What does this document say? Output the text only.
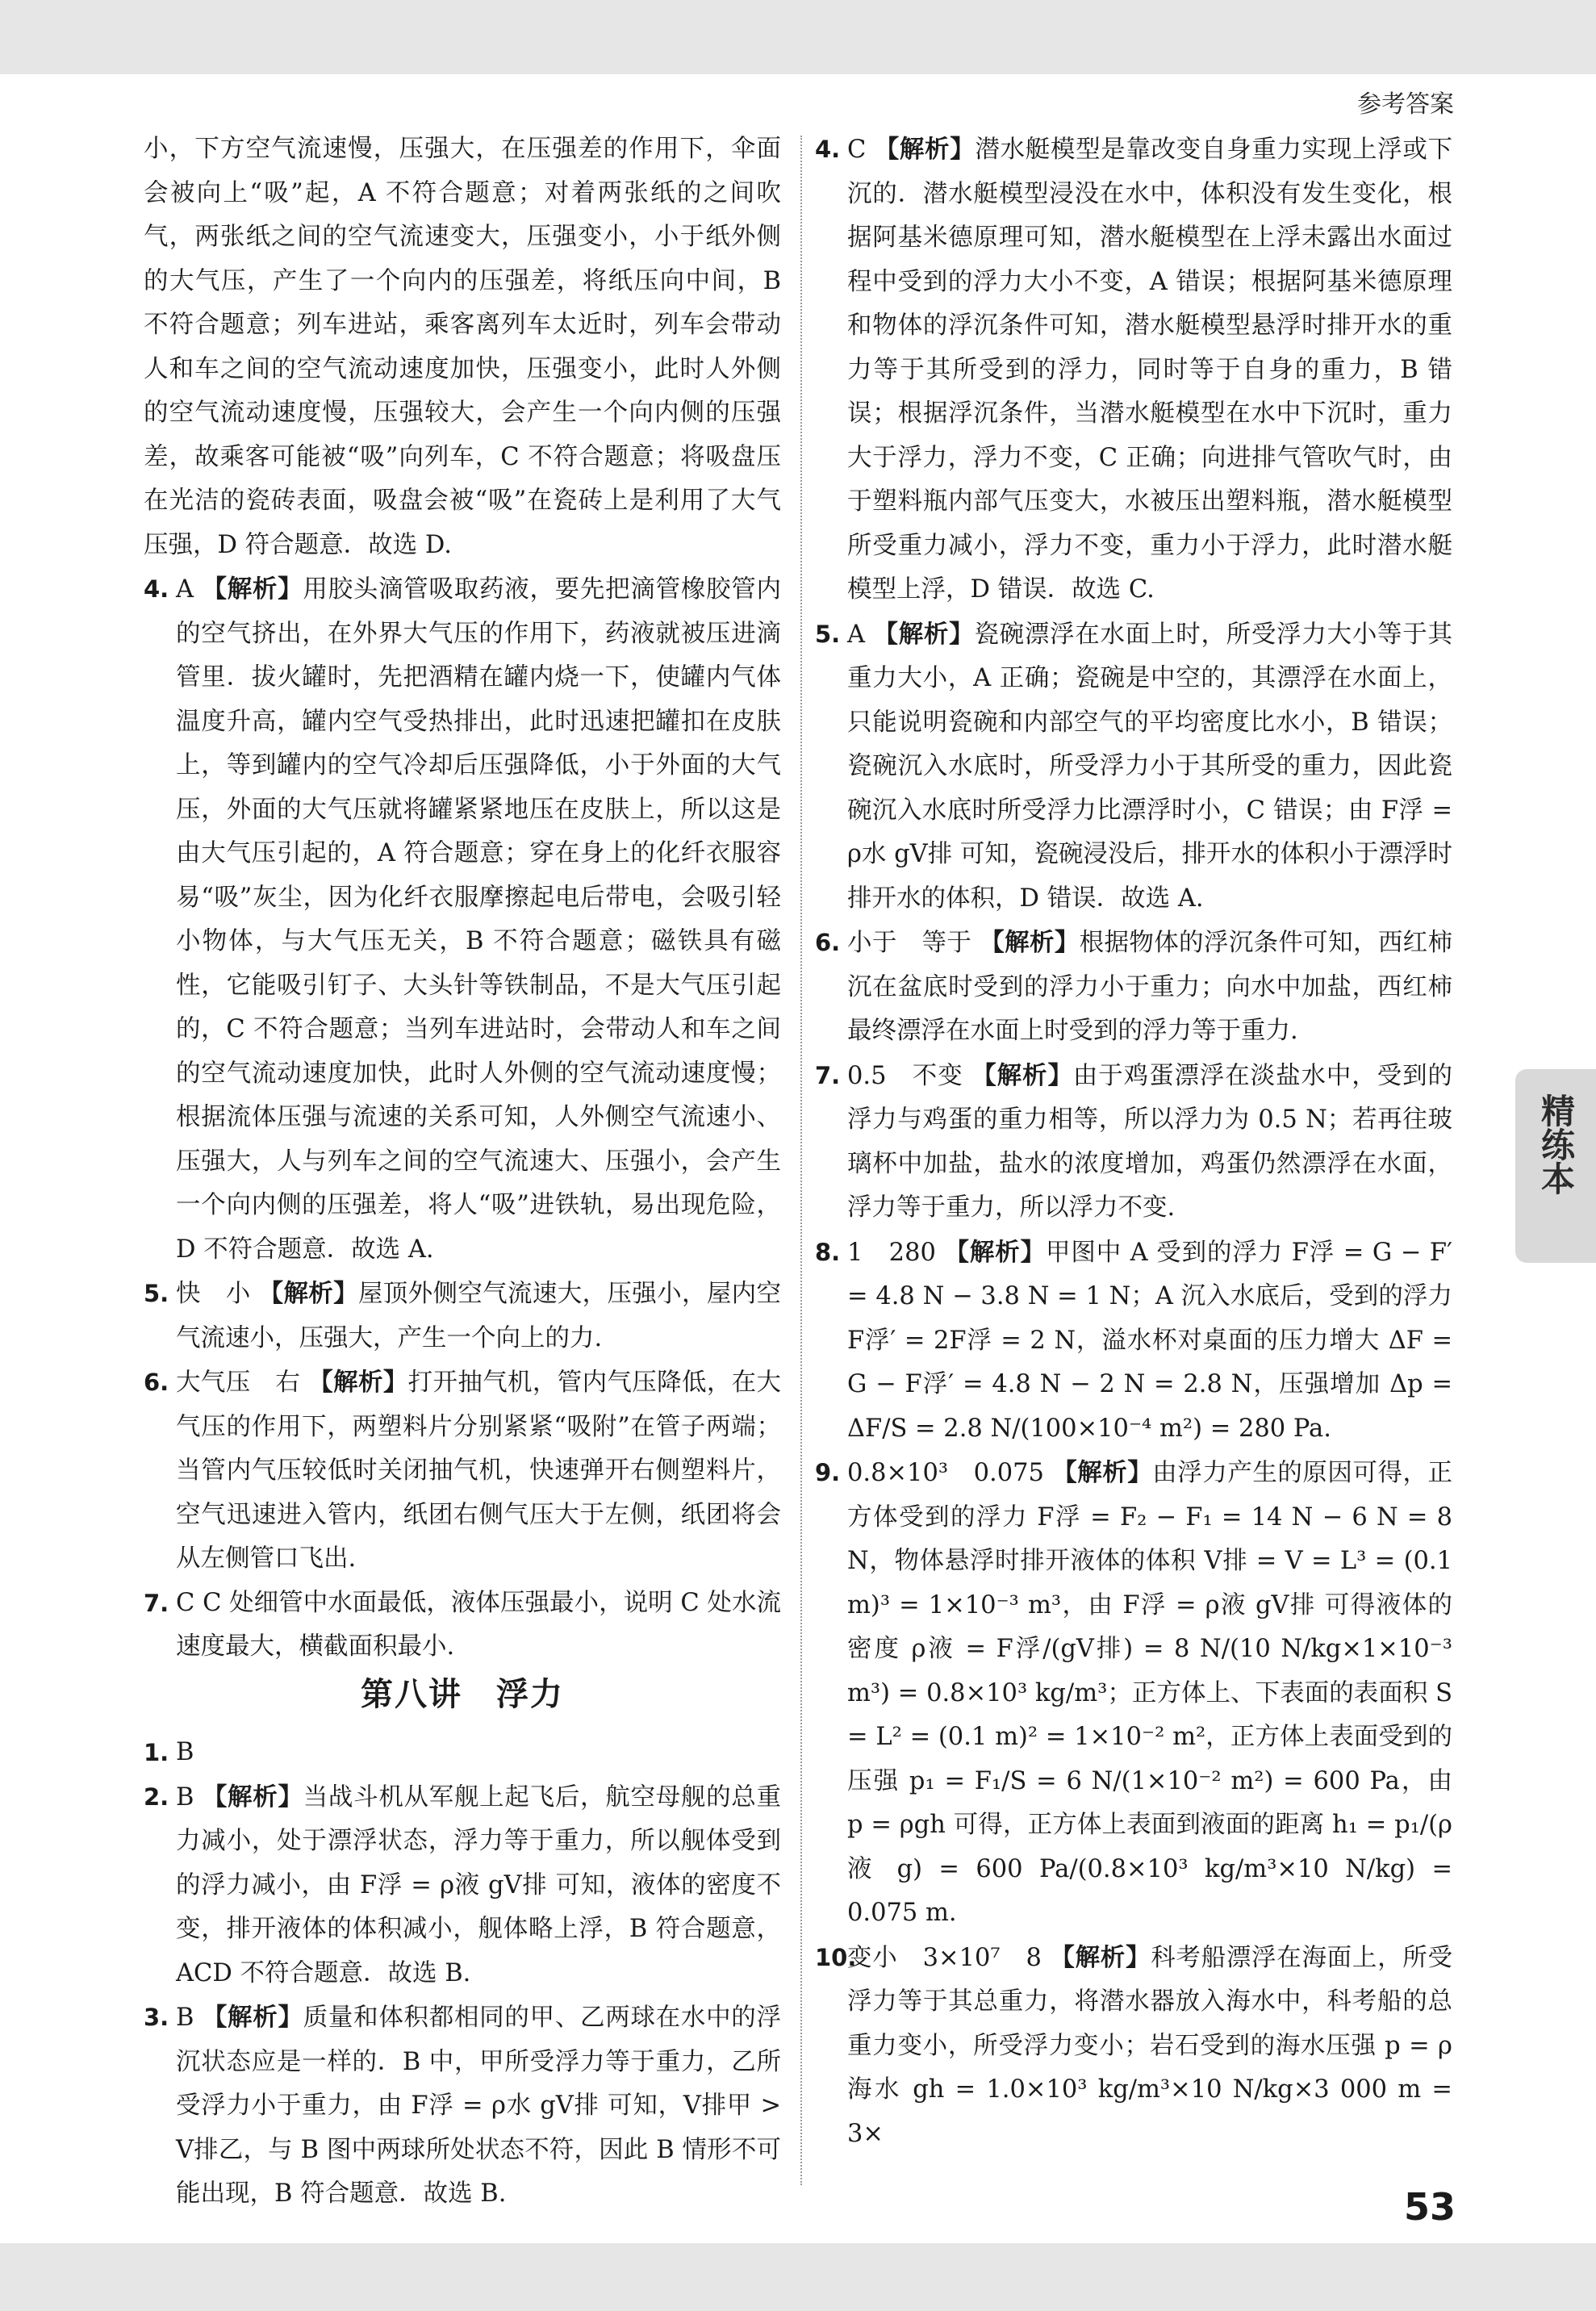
参考答案

小，下方空气流速慢，压强大，在压强差的作用下，伞面会被向上“吸”起，A 不符合题意；对着两张纸的之间吹气，两张纸之间的空气流速变大，压强变小，小于纸外侧的大气压，产生了一个向内的压强差，将纸压向中间，B 不符合题意；列车进站，乘客离列车太近时，列车会带动人和车之间的空气流动速度加快，压强变小，此时人外侧的空气流动速度慢，压强较大，会产生一个向内侧的压强差，故乘客可能被“吸”向列车，C 不符合题意；将吸盘压在光洁的瓷砖表面，吸盘会被“吸”在瓷砖上是利用了大气压强，D 符合题意．故选 D.

4. A 【解析】用胶头滴管吸取药液，要先把滴管橡胶管内的空气挤出，在外界大气压的作用下，药液就被压进滴管里．拔火罐时，先把酒精在罐内烧一下，使罐内气体温度升高，罐内空气受热排出，此时迅速把罐扣在皮肤上，等到罐内的空气冷却后压强降低，小于外面的大气压，外面的大气压就将罐紧紧地压在皮肤上，所以这是由大气压引起的，A 符合题意；穿在身上的化纤衣服容易“吸”灰尘，因为化纤衣服摩擦起电后带电，会吸引轻小物体，与大气压无关，B 不符合题意；磁铁具有磁性，它能吸引钉子、大头针等铁制品，不是大气压引起的，C 不符合题意；当列车进站时，会带动人和车之间的空气流动速度加快，此时人外侧的空气流动速度慢；根据流体压强与流速的关系可知，人外侧空气流速小、压强大，人与列车之间的空气流速大、压强小，会产生一个向内侧的压强差，将人“吸”进铁轨，易出现危险，D 不符合题意．故选 A.
5. 快　小 【解析】屋顶外侧空气流速大，压强小，屋内空气流速小，压强大，产生一个向上的力.
6. 大气压　右 【解析】打开抽气机，管内气压降低，在大气压的作用下，两塑料片分别紧紧“吸附”在管子两端；当管内气压较低时关闭抽气机，快速弹开右侧塑料片，空气迅速进入管内，纸团右侧气压大于左侧，纸团将会从左侧管口飞出.
7. C C 处细管中水面最低，液体压强最小，说明 C 处水流速度最大，横截面积最小.
第八讲　浮力
1. B
2. B 【解析】当战斗机从军舰上起飞后，航空母舰的总重力减小，处于漂浮状态，浮力等于重力，所以舰体受到的浮力减小，由 F浮 = ρ液 gV排 可知，液体的密度不变，排开液体的体积减小，舰体略上浮，B 符合题意，ACD 不符合题意．故选 B.
3. B 【解析】质量和体积都相同的甲、乙两球在水中的浮沉状态应是一样的．B 中，甲所受浮力等于重力，乙所受浮力小于重力，由 F浮 = ρ水 gV排 可知，V排甲 > V排乙，与 B 图中两球所处状态不符，因此 B 情形不可能出现，B 符合题意．故选 B.
4. C 【解析】潜水艇模型是靠改变自身重力实现上浮或下沉的．潜水艇模型浸没在水中，体积没有发生变化，根据阿基米德原理可知，潜水艇模型在上浮未露出水面过程中受到的浮力大小不变，A 错误；根据阿基米德原理和物体的浮沉条件可知，潜水艇模型悬浮时排开水的重力等于其所受到的浮力，同时等于自身的重力，B 错误；根据浮沉条件，当潜水艇模型在水中下沉时，重力大于浮力，浮力不变，C 正确；向进排气管吹气时，由于塑料瓶内部气压变大，水被压出塑料瓶，潜水艇模型所受重力减小，浮力不变，重力小于浮力，此时潜水艇模型上浮，D 错误．故选 C.
5. A 【解析】瓷碗漂浮在水面上时，所受浮力大小等于其重力大小，A 正确；瓷碗是中空的，其漂浮在水面上，只能说明瓷碗和内部空气的平均密度比水小，B 错误；瓷碗沉入水底时，所受浮力小于其所受的重力，因此瓷碗沉入水底时所受浮力比漂浮时小，C 错误；由 F浮 = ρ水 gV排 可知，瓷碗浸没后，排开水的体积小于漂浮时排开水的体积，D 错误．故选 A.
6. 小于　等于 【解析】根据物体的浮沉条件可知，西红柿沉在盆底时受到的浮力小于重力；向水中加盐，西红柿最终漂浮在水面上时受到的浮力等于重力.
7. 0.5　不变 【解析】由于鸡蛋漂浮在淡盐水中，受到的浮力与鸡蛋的重力相等，所以浮力为 0.5 N；若再往玻璃杯中加盐，盐水的浓度增加，鸡蛋仍然漂浮在水面，浮力等于重力，所以浮力不变.
8. 1　280 【解析】甲图中 A 受到的浮力 F浮 = G − F′ = 4.8 N − 3.8 N = 1 N；A 沉入水底后，受到的浮力 F浮′ = 2F浮 = 2 N，溢水杯对桌面的压力增大 ΔF = G − F浮′ = 4.8 N − 2 N = 2.8 N，压强增加 Δp = ΔF/S = 2.8 N/(100×10⁻⁴ m²) = 280 Pa.
9. 0.8×10³　0.075 【解析】由浮力产生的原因可得，正方体受到的浮力 F浮 = F₂ − F₁ = 14 N − 6 N = 8 N，物体悬浮时排开液体的体积 V排 = V = L³ = (0.1 m)³ = 1×10⁻³ m³，由 F浮 = ρ液 gV排 可得液体的密度 ρ液 = F浮/(gV排) = 8 N/(10 N/kg×1×10⁻³ m³) = 0.8×10³ kg/m³；正方体上、下表面的表面积 S = L² = (0.1 m)² = 1×10⁻² m²，正方体上表面受到的压强 p₁ = F₁/S = 6 N/(1×10⁻² m²) = 600 Pa，由 p = ρgh 可得，正方体上表面到液面的距离 h₁ = p₁/(ρ液 g) = 600 Pa/(0.8×10³ kg/m³×10 N/kg) = 0.075 m.
10.
变小　3×10⁷　8 【解析】科考船漂浮在海面上，所受浮力等于其总重力，将潜水器放入海水中，科考船的总重力变小，所受浮力变小；岩石受到的海水压强 p = ρ海水 gh = 1.0×10³ kg/m³×10 N/kg×3 000 m = 3×
精练本
53
